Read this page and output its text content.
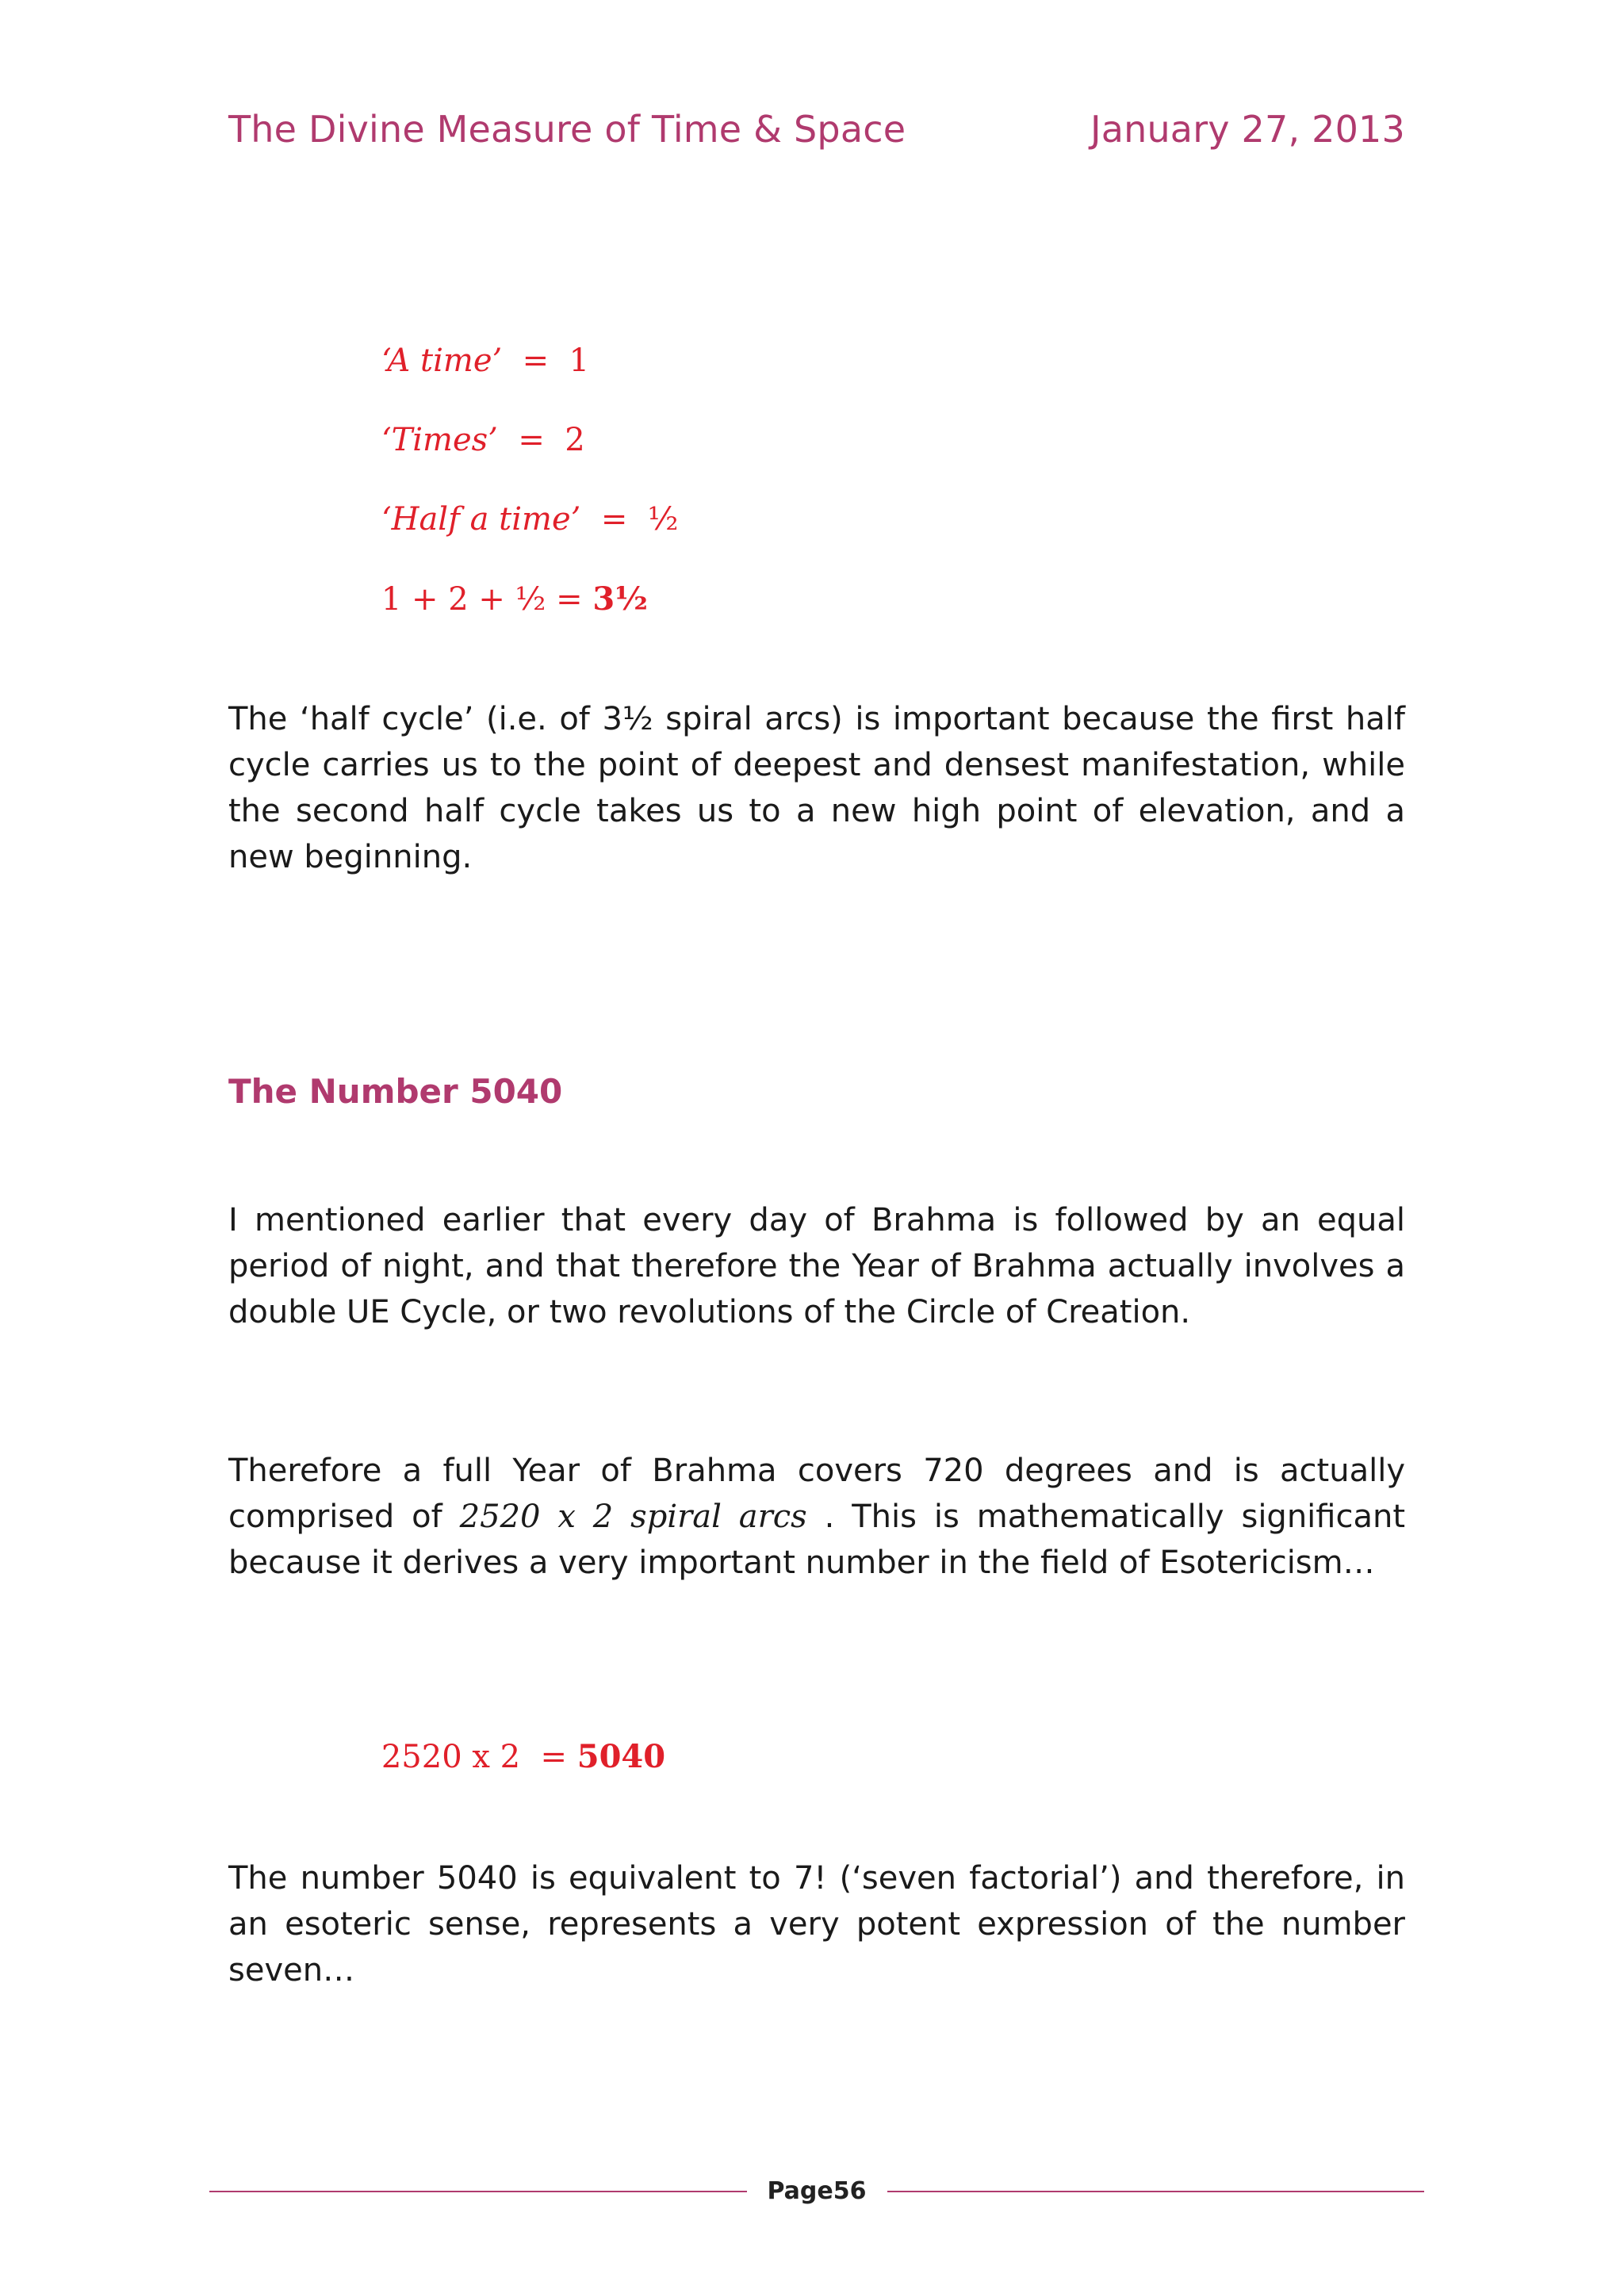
The Divine Measure of Time & Space	January 27, 2013

‘A time’ =  1

‘Times’ =  2

‘Half a time’ =  ½

1 + 2 + ½ = 3½

The ‘half cycle’ (i.e. of 3½ spiral arcs) is important because the first half cycle carries us to the point of deepest and densest manifestation, while the second half cycle takes us to a new high point of elevation, and a new beginning.
The Number 5040
I mentioned earlier that every day of Brahma is followed by an equal period of night, and that therefore the Year of Brahma actually involves a double UE Cycle, or two revolutions of the Circle of Creation.
Therefore a full Year of Brahma covers 720 degrees and is actually comprised of 2520 x 2 spiral arcs . This is mathematically significant because it derives a very important number in the field of Esotericism…

2520 x 2  = 5040

The number 5040 is equivalent to 7! (‘seven factorial’) and therefore, in an esoteric sense, represents a very potent expression of the number seven…
Page56
